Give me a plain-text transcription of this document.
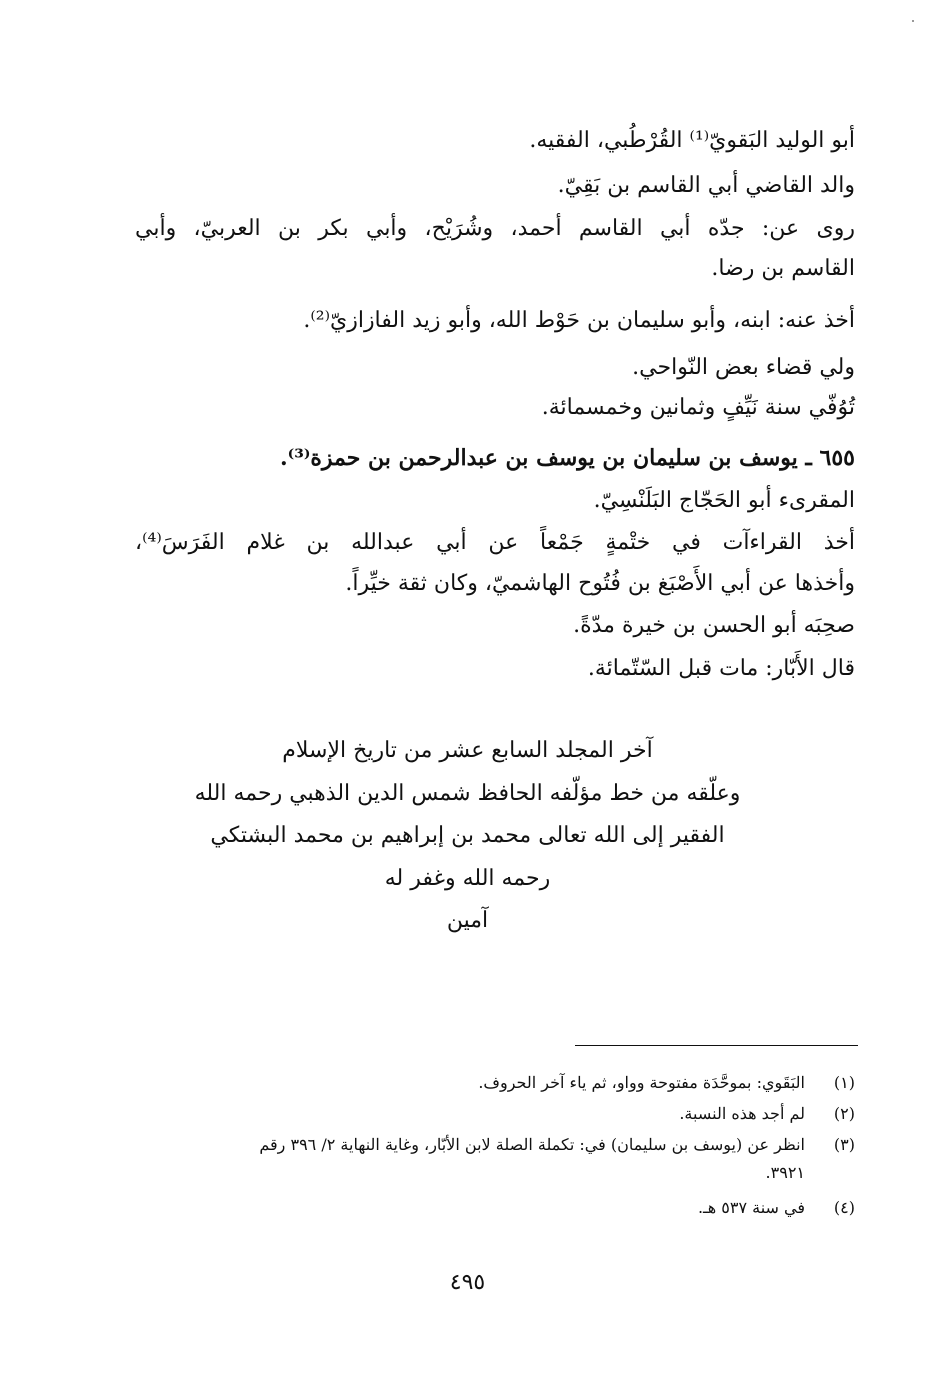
أبو الوليد البَقويّ⁽¹⁾ القُرْطُبي، الفقيه.
والد القاضي أبي القاسم بن بَقِيّ.
روى عن: جدّه أبي القاسم أحمد، وشُرَيْح، وأبي بكر بن العربيّ، وأبي
القاسم بن رضا.
أخذ عنه: ابنه، وأبو سليمان بن حَوْط الله، وأبو زيد الفازازيّ⁽²⁾.
ولي قضاء بعض النّواحي.
تُوُفّي سنة نَيِّفٍ وثمانين وخمسمائة.
٦٥٥ ـ يوسف بن سليمان بن يوسف بن عبدالرحمن بن حمزة⁽³⁾.
المقرىء أبو الحَجّاج البَلَنْسِيّ.
أخذ القراءآت في ختْمةٍ جَمْعاً عن أبي عبدالله بن غلام الفَرَسَ⁽⁴⁾،
وأخذها عن أبي الأَصْبَغ بن فُتُوح الهاشميّ، وكان ثقة خيِّراً.
صحِبَه أبو الحسن بن خيرة مدّةً.
قال الأَبّار: مات قبل السّتّمائة.
آخر المجلد السابع عشر من تاريخ الإسلام
وعلّقه من خط مؤلّفه الحافظ شمس الدين الذهبي رحمه الله
الفقير إلى الله تعالى محمد بن إبراهيم بن محمد البشتكي
رحمه الله وغفر له
آمين
(١)البَقَوي: بموحَّدَة مفتوحة وواو، ثم ياء آخر الحروف.
(٢)لم أجد هذه النسبة.
(٣)انظر عن (يوسف بن سليمان) في: تكملة الصلة لابن الأبّار، وغاية النهاية ٢/ ٣٩٦ رقم
٣٩٢١.
(٤)في سنة ٥٣٧ هـ.
٤٩٥
